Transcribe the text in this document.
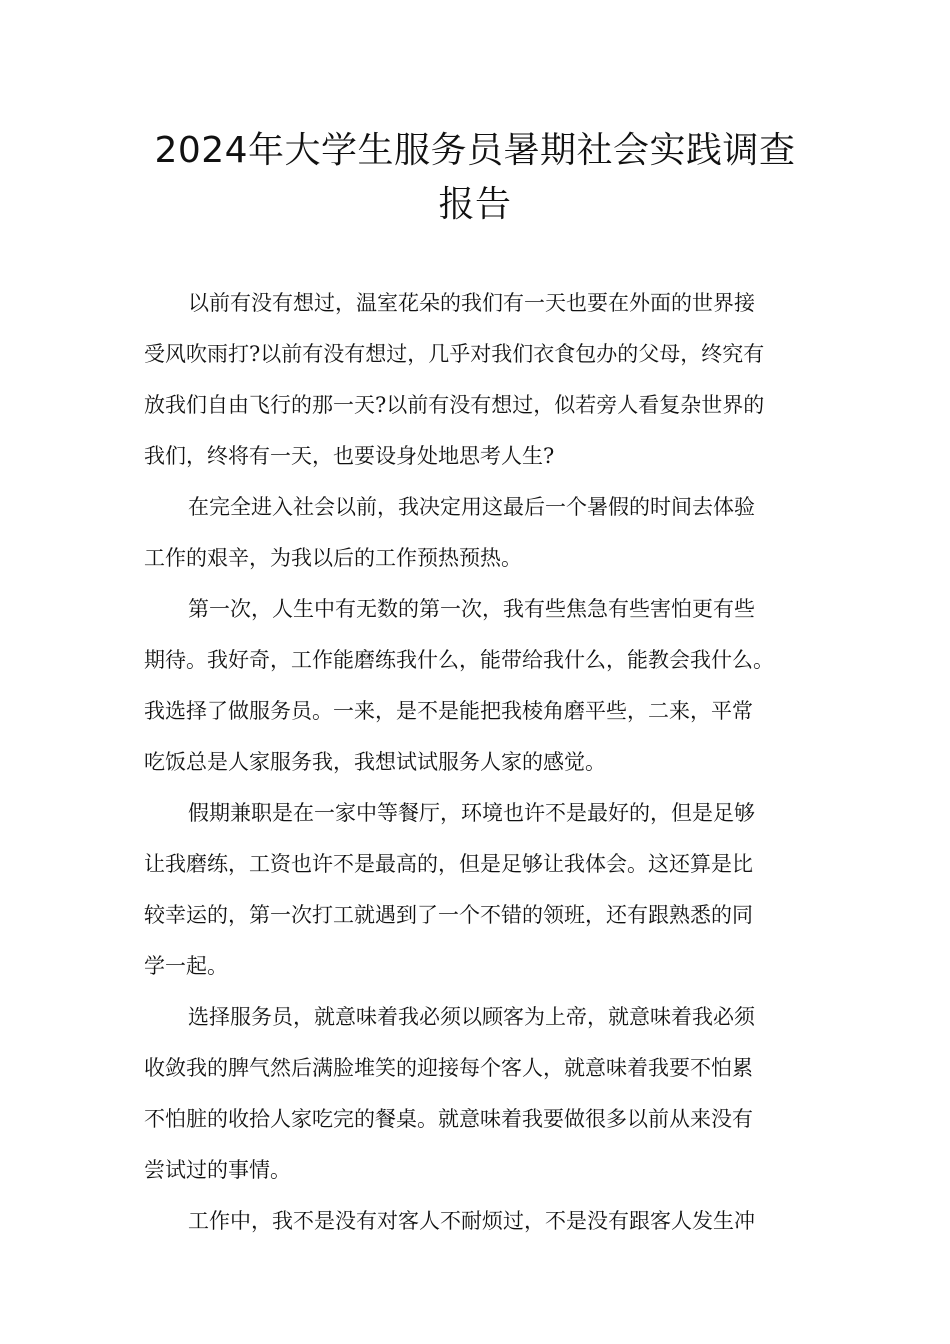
2024年大学生服务员暑期社会实践调查
报告

以前有没有想过，温室花朵的我们有一天也要在外面的世界接
受风吹雨打?以前有没有想过，几乎对我们衣食包办的父母，终究有
放我们自由飞行的那一天?以前有没有想过，似若旁人看复杂世界的
我们，终将有一天，也要设身处地思考人生?

在完全进入社会以前，我决定用这最后一个暑假的时间去体验
工作的艰辛，为我以后的工作预热预热。

第一次，人生中有无数的第一次，我有些焦急有些害怕更有些
期待。我好奇，工作能磨练我什么，能带给我什么，能教会我什么。
我选择了做服务员。一来，是不是能把我棱角磨平些，二来，平常
吃饭总是人家服务我，我想试试服务人家的感觉。

假期兼职是在一家中等餐厅，环境也许不是最好的，但是足够
让我磨练，工资也许不是最高的，但是足够让我体会。这还算是比
较幸运的，第一次打工就遇到了一个不错的领班，还有跟熟悉的同
学一起。

选择服务员，就意味着我必须以顾客为上帝，就意味着我必须
收敛我的脾气然后满脸堆笑的迎接每个客人，就意味着我要不怕累
不怕脏的收拾人家吃完的餐桌。就意味着我要做很多以前从来没有
尝试过的事情。

工作中，我不是没有对客人不耐烦过，不是没有跟客人发生冲
